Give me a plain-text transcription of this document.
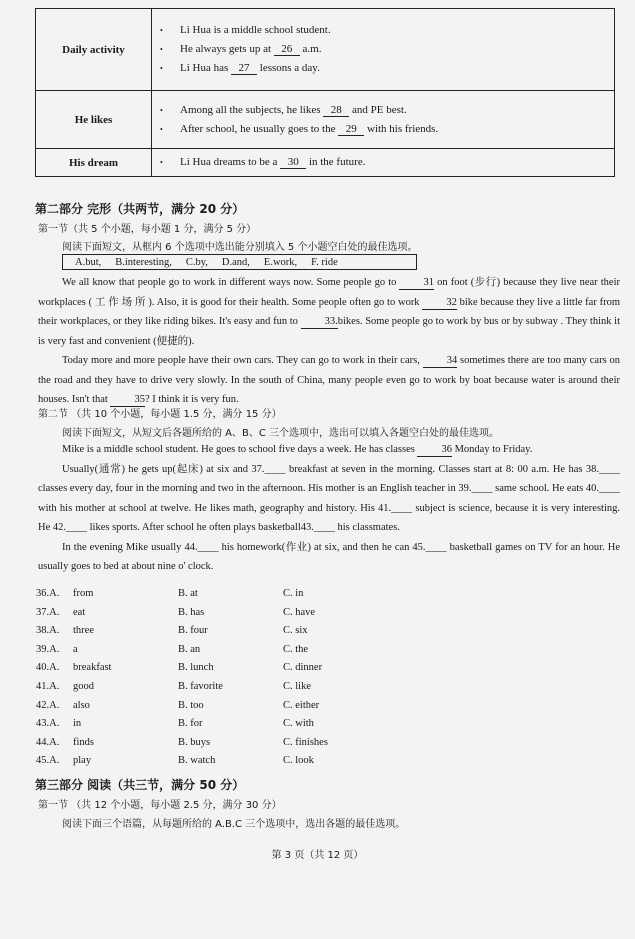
Daily activity	• Li Hua is a middle school student.
• He always gets up at 26 a.m.
• Li Hua has 27 lessons a day.

He likes	• Among all the subjects, he likes 28 and PE best.
• After school, he usually goes to the 29 with his friends.

His dream	• Li Hua dreams to be a 30 in the future.
第二部分 完形（共两节，满分 20 分）
第一节（共 5 个小题，每小题 1 分，满分 5 分）
阅读下面短文，从框内 6 个选项中选出能分别填入 5 个小题空白处的最佳选项。
A.but, B.interesting, C.by, D.and, E.work, F. ride

We all know that people go to work in different ways now. Some people go to	31 on foot (步行) because they live near their workplaces ( 工 作 场 所 ). Also, it is good for their health. Some people often go to work	32 bike because they live a little far from their workplaces, or they like riding bikes. It's easy and fun to	33.bikes. Some people go to work by bus or by subway . They think it is very fast and convenient (便捷的).

Today more and more people have their own cars. They can go to work in their cars,	34 sometimes there are too many cars on the road and they have to drive very slowly. In the south of China, many people even go to work by boat because water is around their houses. Isn't that	35? I think it is very fun.

第二节 （共 10 个小题，每小题 1.5 分，满分 15 分）
阅读下面短文，从短文后各题所给的 A、B、C 三个选项中，选出可以填入各题空白处的最佳选项。

Mike is a middle school student. He goes to school five days a week. He has classes	36 Monday to Friday.

Usually(通常) he gets up(起床) at six and 37.____ breakfast at seven in the morning. Classes start at 8: 00 a.m. He has 38.____ classes every day, four in the morning and two in the afternoon. His mother is an English teacher in 39.____ same school. He eats 40.____ with his mother at school at twelve. He likes math, geography and history. His 41.____ subject is science, because it is very interesting. He 42.____ likes sports. After school he often plays basketball43.____ his classmates.

In the evening Mike usually 44.____ his homework(作业) at six, and then he can 45.____ basketball games on TV for an hour. He usually goes to bed at about nine o' clock.

36.A. from	B. at	C. in
37.A. eat	B. has	C. have
38.A. three	B. four	C. six
39.A. a	B. an	C. the
40.A. breakfast	B. lunch	C. dinner
41.A. good	B. favorite	C. like
42.A. also	B. too	C. either
43.A. in	B. for	C. with
44.A. finds	B. buys	C. finishes
45.A. play	B. watch	C. look
第三部分 阅读（共三节，满分 50 分）
第一节 （共 12 个小题，每小题 2.5 分，满分 30 分）
阅读下面三个语篇，从每题所给的 A.B.C 三个选项中，选出各题的最佳选项。
第 3 页（共 12 页）
